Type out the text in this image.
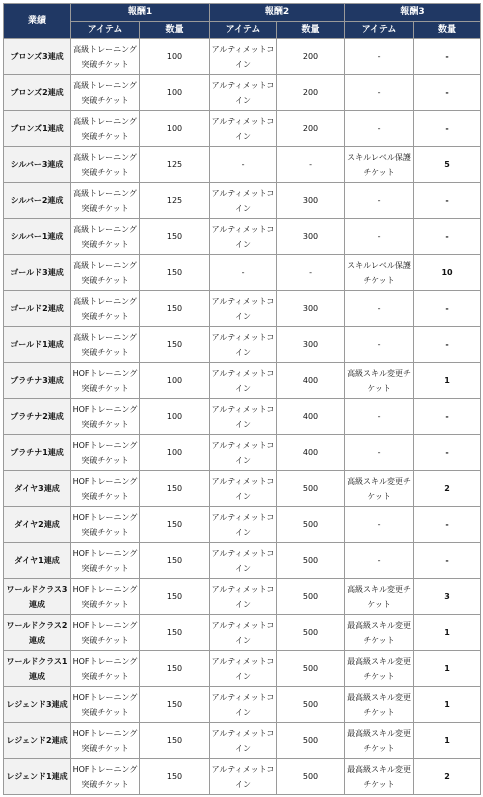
業績	報酬1		報酬2		報酬3	
	アイテム	数量	アイテム	数量	アイテム	数量
ブロンズ3連成	高級トレーニング突破チケット	100	アルティメットコイン	200	-	-
ブロンズ2連成	高級トレーニング突破チケット	100	アルティメットコイン	200	-	-
ブロンズ1連成	高級トレーニング突破チケット	100	アルティメットコイン	200	-	-
シルバー3連成	高級トレーニング突破チケット	125	-	-	スキルレベル保護チケット	5
シルバー2連成	高級トレーニング突破チケット	125	アルティメットコイン	300	-	-
シルバー1連成	高級トレーニング突破チケット	150	アルティメットコイン	300	-	-
ゴールド3連成	高級トレーニング突破チケット	150	-	-	スキルレベル保護チケット	10
ゴールド2連成	高級トレーニング突破チケット	150	アルティメットコイン	300	-	-
ゴールド1連成	高級トレーニング突破チケット	150	アルティメットコイン	300	-	-
プラチナ3連成	HOFトレーニング突破チケット	100	アルティメットコイン	400	高級スキル変更チケット	1
プラチナ2連成	HOFトレーニング突破チケット	100	アルティメットコイン	400	-	-
プラチナ1連成	HOFトレーニング突破チケット	100	アルティメットコイン	400	-	-
ダイヤ3連成	HOFトレーニング突破チケット	150	アルティメットコイン	500	高級スキル変更チケット	2
ダイヤ2連成	HOFトレーニング突破チケット	150	アルティメットコイン	500	-	-
ダイヤ1連成	HOFトレーニング突破チケット	150	アルティメットコイン	500	-	-
ワールドクラス3連成	HOFトレーニング突破チケット	150	アルティメットコイン	500	高級スキル変更チケット	3
ワールドクラス2連成	HOFトレーニング突破チケット	150	アルティメットコイン	500	最高級スキル変更チケット	1
ワールドクラス1連成	HOFトレーニング突破チケット	150	アルティメットコイン	500	最高級スキル変更チケット	1
レジェンド3連成	HOFトレーニング突破チケット	150	アルティメットコイン	500	最高級スキル変更チケット	1
レジェンド2連成	HOFトレーニング突破チケット	150	アルティメットコイン	500	最高級スキル変更チケット	1
レジェンド1連成	HOFトレーニング突破チケット	150	アルティメットコイン	500	最高級スキル変更チケット	2
